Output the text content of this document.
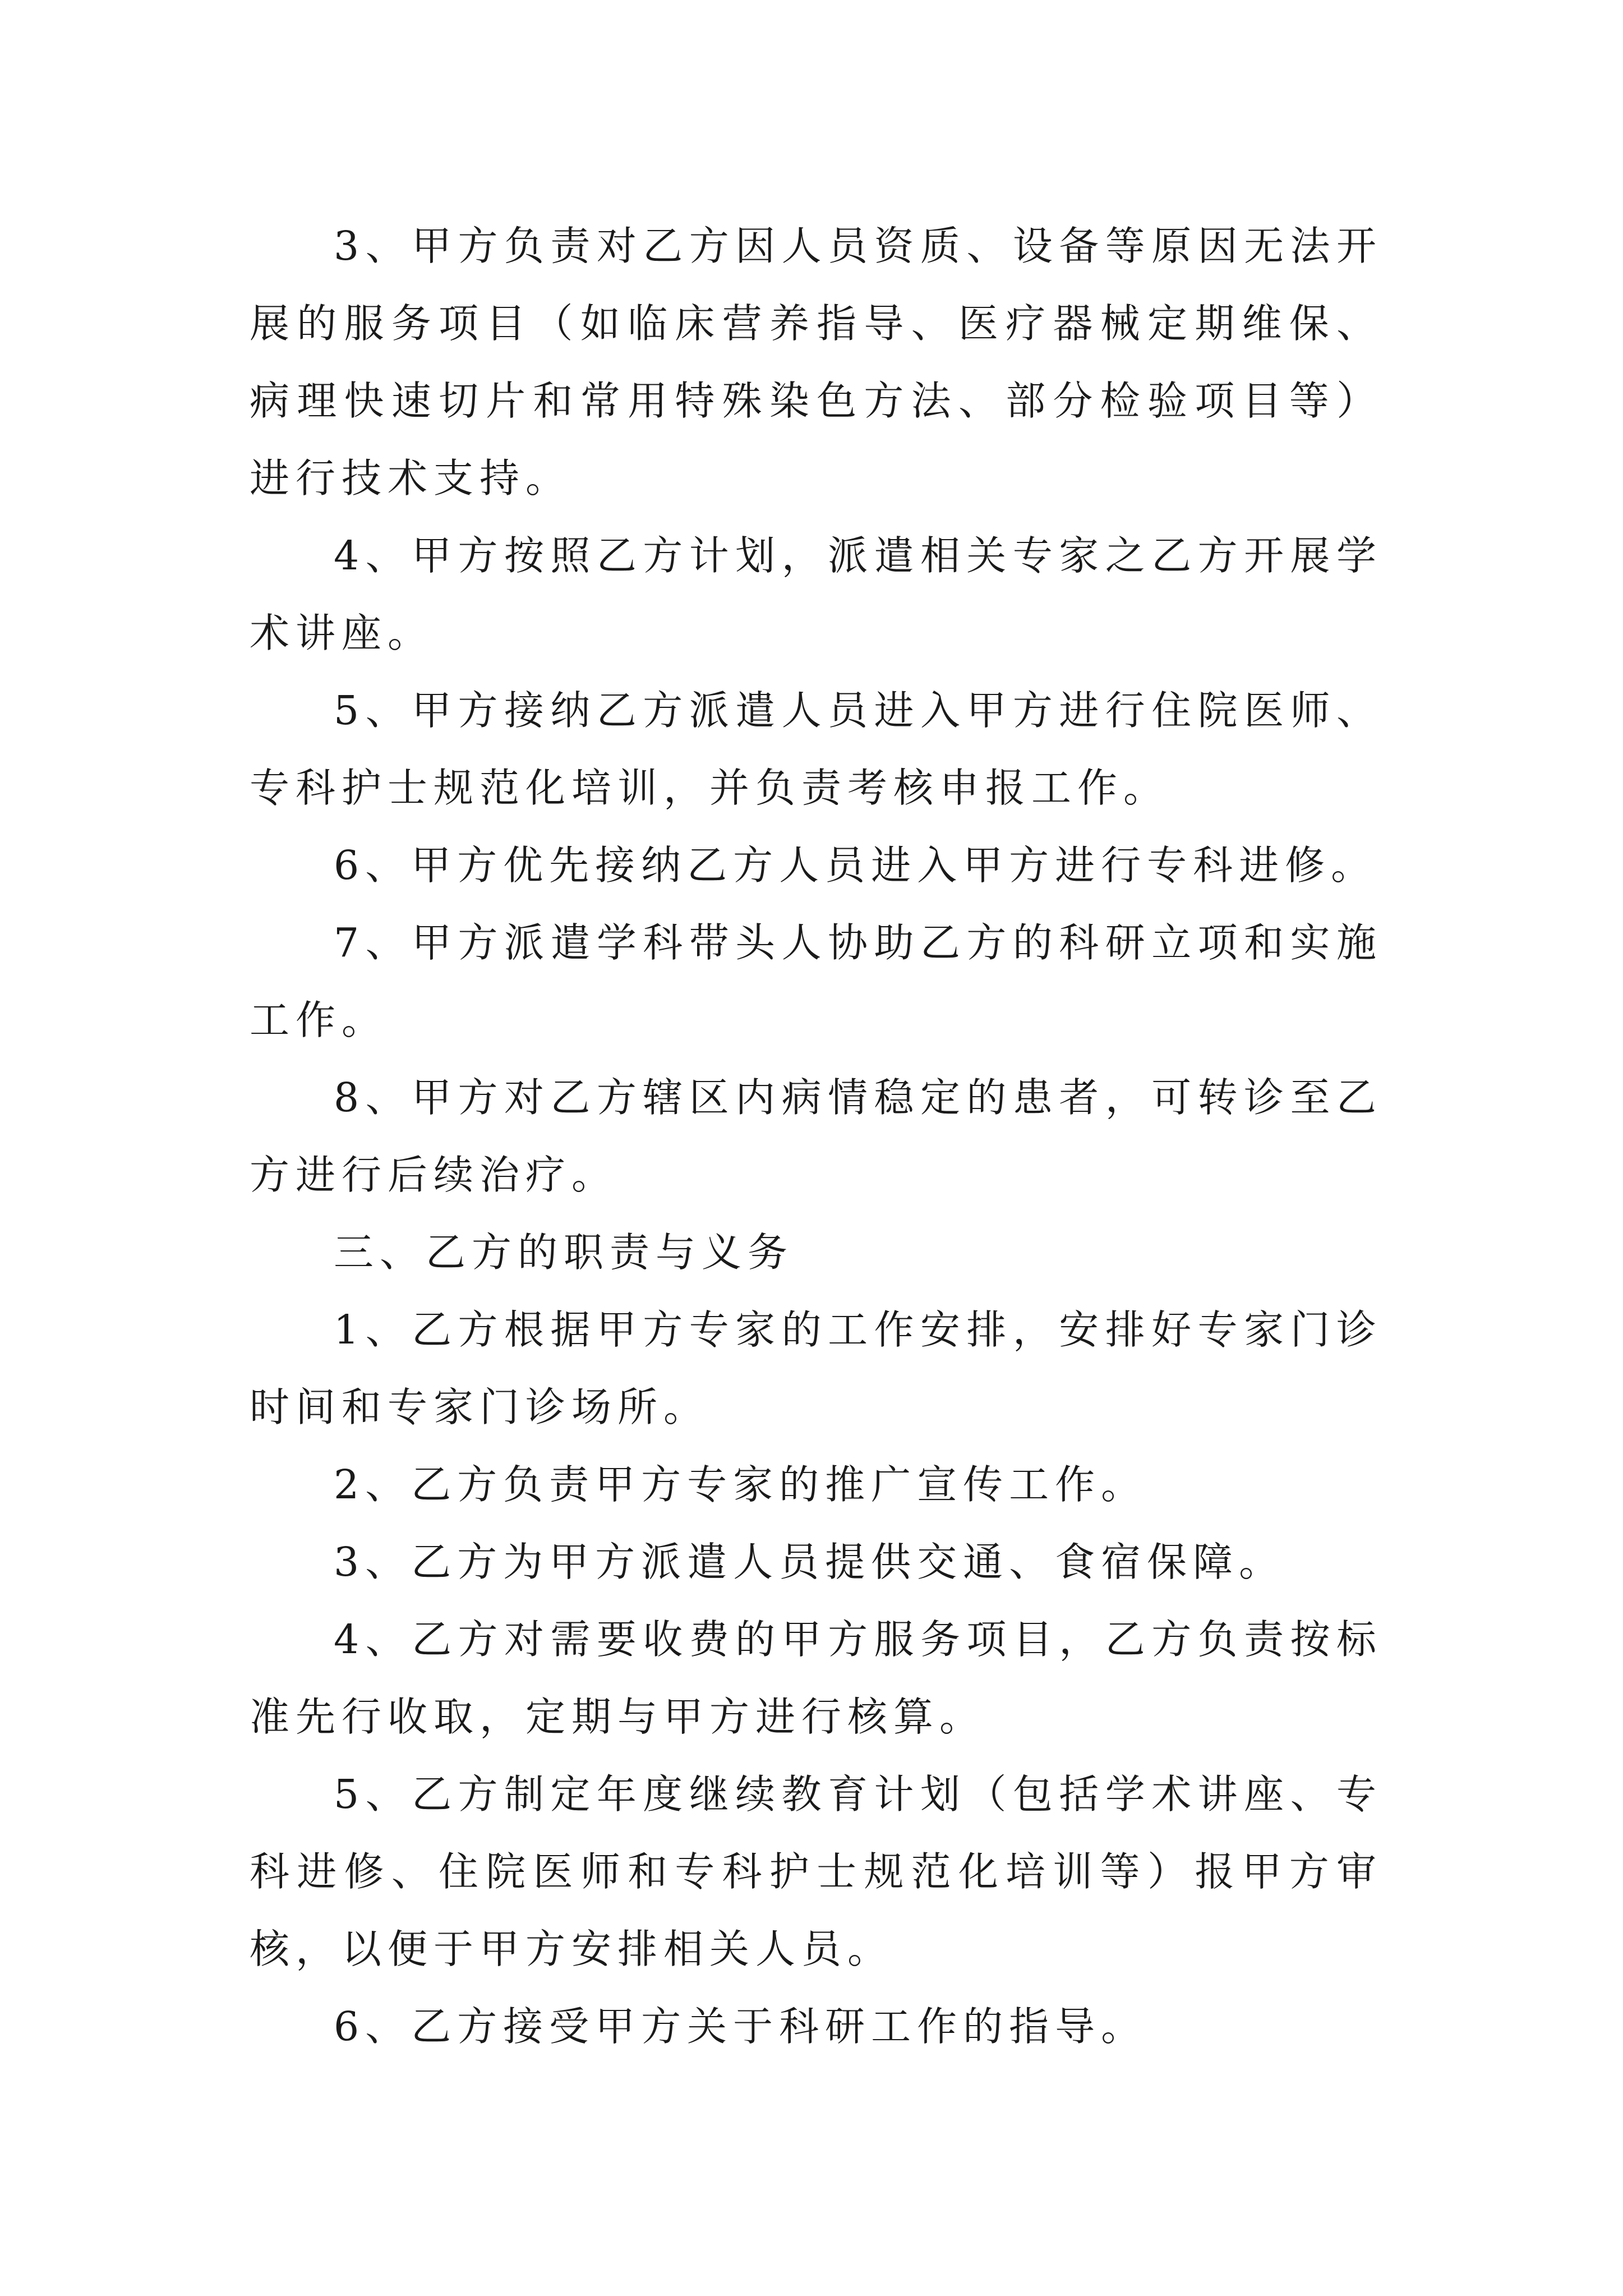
3、甲方负责对乙方因人员资质、设备等原因无法开展的服务项目（如临床营养指导、医疗器械定期维保、病理快速切片和常用特殊染色方法、部分检验项目等）进行技术支持。

4、甲方按照乙方计划，派遣相关专家之乙方开展学术讲座。

5、甲方接纳乙方派遣人员进入甲方进行住院医师、专科护士规范化培训，并负责考核申报工作。

6、甲方优先接纳乙方人员进入甲方进行专科进修。

7、甲方派遣学科带头人协助乙方的科研立项和实施工作。

8、甲方对乙方辖区内病情稳定的患者，可转诊至乙方进行后续治疗。

三、乙方的职责与义务

1、乙方根据甲方专家的工作安排，安排好专家门诊时间和专家门诊场所。

2、乙方负责甲方专家的推广宣传工作。

3、乙方为甲方派遣人员提供交通、食宿保障。

4、乙方对需要收费的甲方服务项目，乙方负责按标准先行收取，定期与甲方进行核算。

5、乙方制定年度继续教育计划（包括学术讲座、专科进修、住院医师和专科护士规范化培训等）报甲方审核，以便于甲方安排相关人员。

6、乙方接受甲方关于科研工作的指导。
